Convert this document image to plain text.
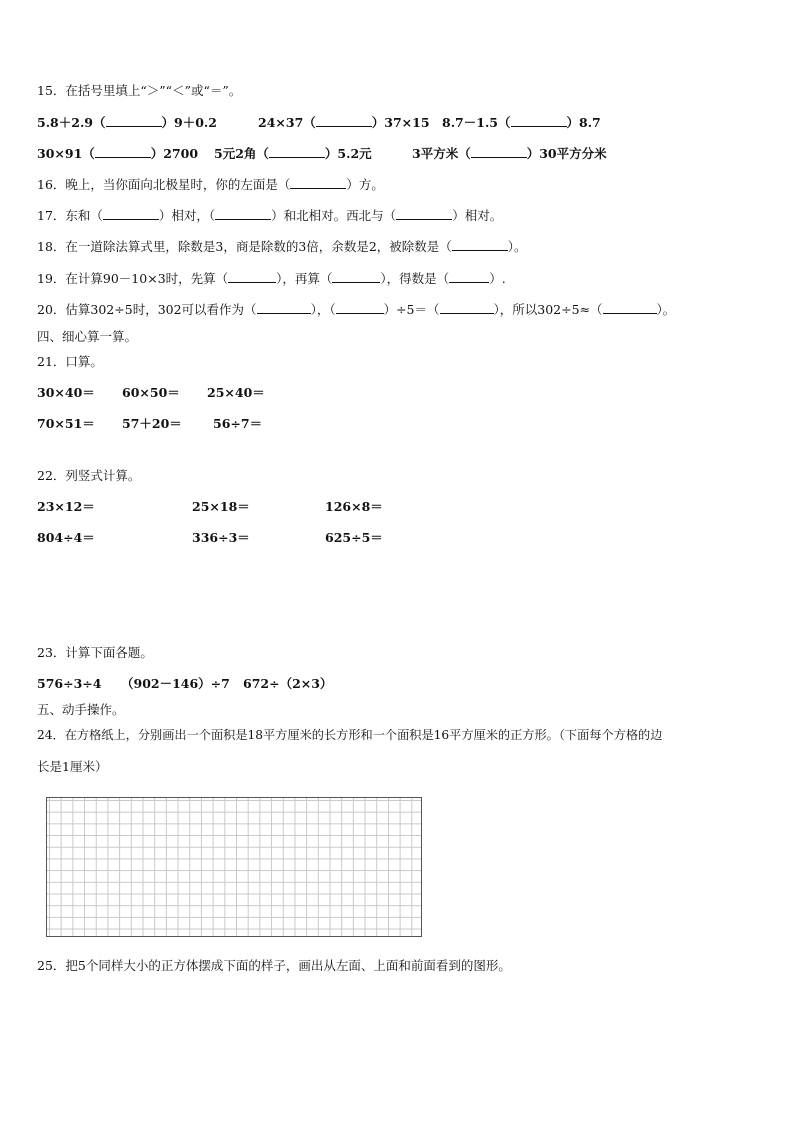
15．在括号里填上“＞”“＜”或“＝”。
5.8＋2.9（	）9＋0.2	24×37（	）37×15 8.7－1.5（	）8.7
30×91（	）2700 5元2角（	）5.2元	3平方米（	）30平方分米
16．晚上，当你面向北极星时，你的左面是（	）方。
17．东和（	）相对，（	）和北相对。西北与（	）相对。
18．在一道除法算式里，除数是3，商是除数的3倍，余数是2，被除数是（	）。
19．在计算90－10×3时，先算（	），再算（	），得数是（	）.
20．估算302÷5时，302可以看作为（	），（	）÷5＝（	），所以302÷5≈（	）。
四、细心算一算。
21．口算。
30×40＝ 60×50＝ 25×40＝
70×51＝ 57＋20＝ 56÷7＝
22．列竖式计算。
23×12＝	25×18＝	126×8＝
804÷4＝	336÷3＝	625÷5＝
23．计算下面各题。
576÷3÷4 （902－146）÷7 672÷（2×3）
五、动手操作。
24．在方格纸上，分别画出一个面积是18平方厘米的长方形和一个面积是16平方厘米的正方形。（下面每个方格的边
长是1厘米）
25．把5个同样大小的正方体摆成下面的样子，画出从左面、上面和前面看到的图形。
